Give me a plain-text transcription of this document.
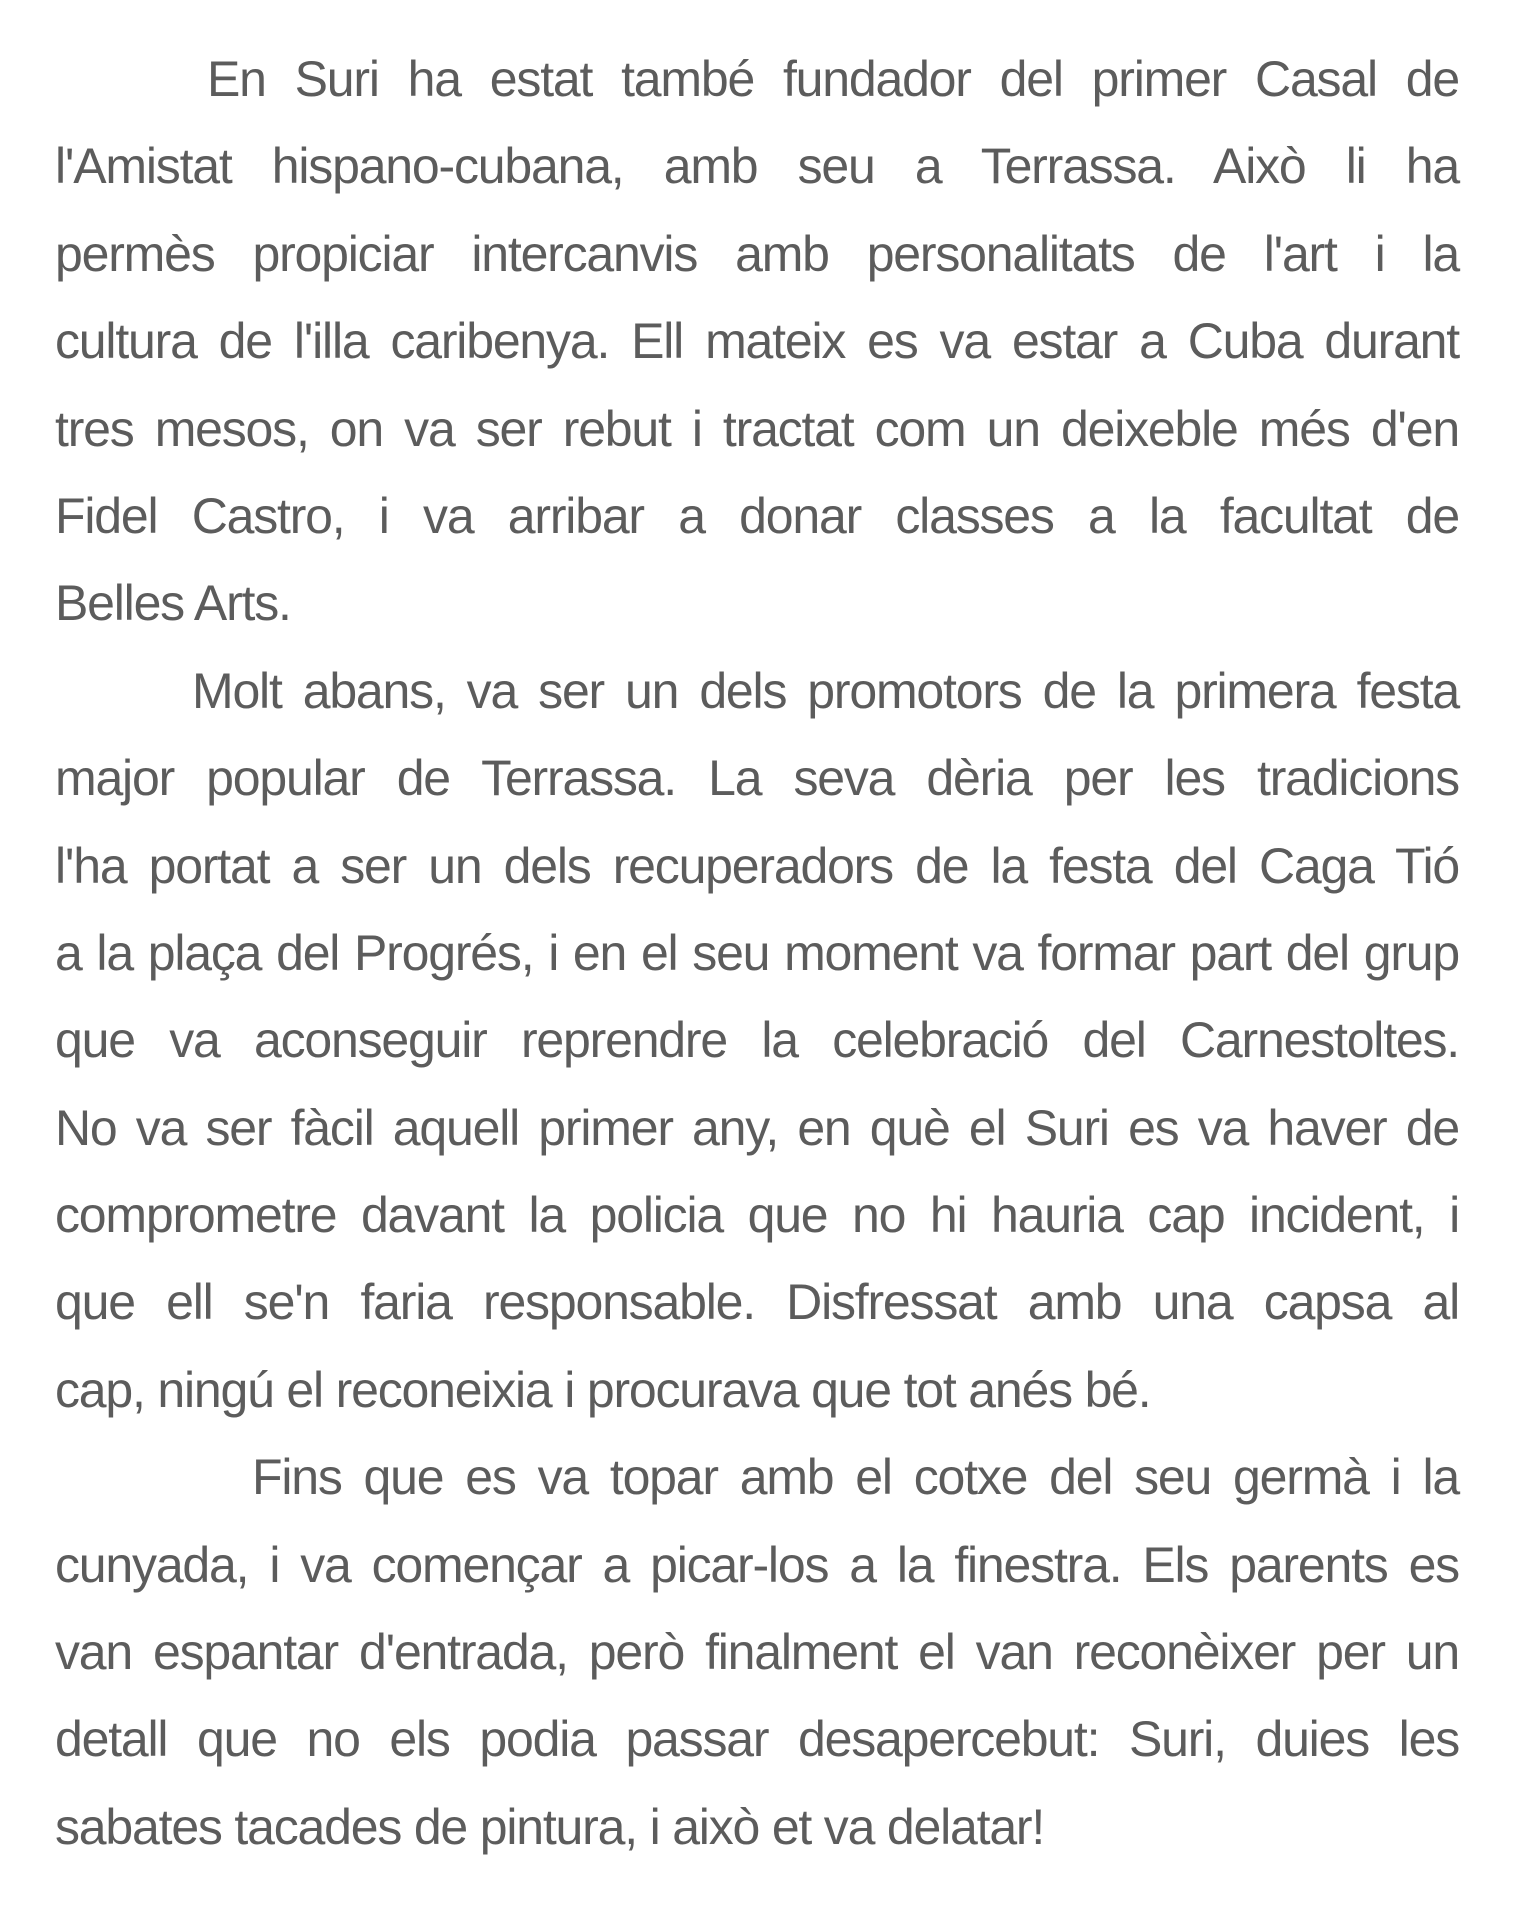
En Suri ha estat també fundador del primer Casal de
l'Amistat hispano-cubana, amb seu a Terrassa. Això li ha
permès propiciar intercanvis amb personalitats de l'art i la
cultura de l'illa caribenya. Ell mateix es va estar a Cuba durant
tres mesos, on va ser rebut i tractat com un deixeble més d'en
Fidel Castro, i va arribar a donar classes a la facultat de
Belles Arts.
Molt abans, va ser un dels promotors de la primera festa
major popular de Terrassa. La seva dèria per les tradicions
l'ha portat a ser un dels recuperadors de la festa del Caga Tió
a la plaça del Progrés, i en el seu moment va formar part del grup
que va aconseguir reprendre la celebració del Carnestoltes.
No va ser fàcil aquell primer any, en què el Suri es va haver de
comprometre davant la policia que no hi hauria cap incident, i
que ell se'n faria responsable. Disfressat amb una capsa al
cap, ningú el reconeixia i procurava que tot anés bé.
Fins que es va topar amb el cotxe del seu germà i la
cunyada, i va començar a picar-los a la finestra. Els parents es
van espantar d'entrada, però finalment el van reconèixer per un
detall que no els podia passar desapercebut: Suri, duies les
sabates tacades de pintura, i això et va delatar!
